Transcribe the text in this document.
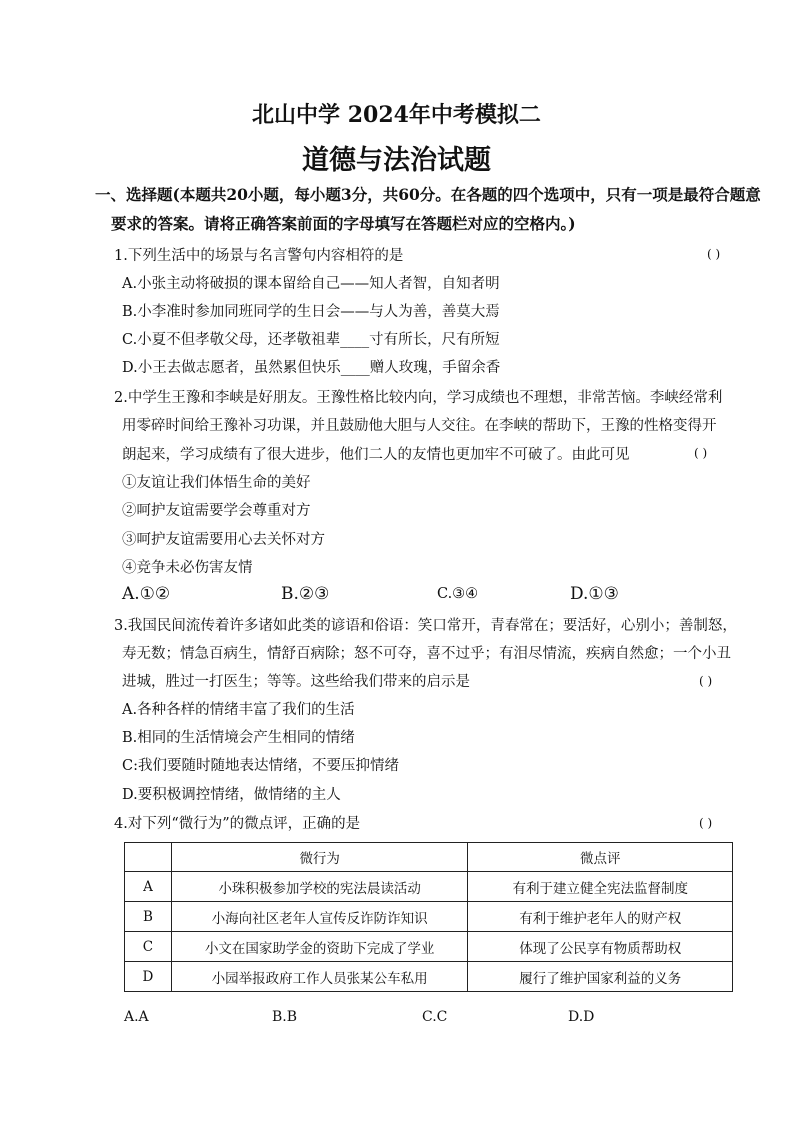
北山中学 2024年中考模拟二
道德与法治试题
一、选择题(本题共20小题，每小题3分，共60分。在各题的四个选项中，只有一项是最符合题意
要求的答案。请将正确答案前面的字母填写在答题栏对应的空格内。)
1.下列生活中的场景与名言警句内容相符的是	( )
A.小张主动将破损的课本留给自己——知人者智，自知者明
B.小李准时参加同班同学的生日会——与人为善，善莫大焉
C.小夏不但孝敬父母，还孝敬祖辈____寸有所长，尺有所短
D.小王去做志愿者，虽然累但快乐____赠人玫瑰，手留余香
2.中学生王豫和李峡是好朋友。王豫性格比较内向，学习成绩也不理想，非常苦恼。李峡经常利
用零碎时间给王豫补习功课，并且鼓励他大胆与人交往。在李峡的帮助下，王豫的性格变得开
朗起来，学习成绩有了很大进步，他们二人的友情也更加牢不可破了。由此可见	( )
①友谊让我们体悟生命的美好
②呵护友谊需要学会尊重对方
③呵护友谊需要用心去关怀对方
④竞争未必伤害友情
A.①②	B.②③	C.③④	D.①③
3.我国民间流传着许多诸如此类的谚语和俗语：笑口常开，青春常在；要活好，心别小；善制怒，
寿无数；情急百病生，情舒百病除；怒不可夺，喜不过乎；有泪尽情流，疾病自然愈；一个小丑
进城，胜过一打医生；等等。这些给我们带来的启示是	( )
A.各种各样的情绪丰富了我们的生活
B.相同的生活情境会产生相同的情绪
C:我们要随时随地表达情绪，不要压抑情绪
D.要积极调控情绪，做情绪的主人
4.对下列“微行为”的微点评，正确的是	( )
	微行为	微点评
A	小珠积极参加学校的宪法晨读活动	有利于建立健全宪法监督制度
B	小海向社区老年人宣传反诈防诈知识	有利于维护老年人的财产权
C	小文在国家助学金的资助下完成了学业	体现了公民享有物质帮助权
D	小园举报政府工作人员张某公车私用	履行了维护国家利益的义务
A.A	B.B	C.C	D.D
